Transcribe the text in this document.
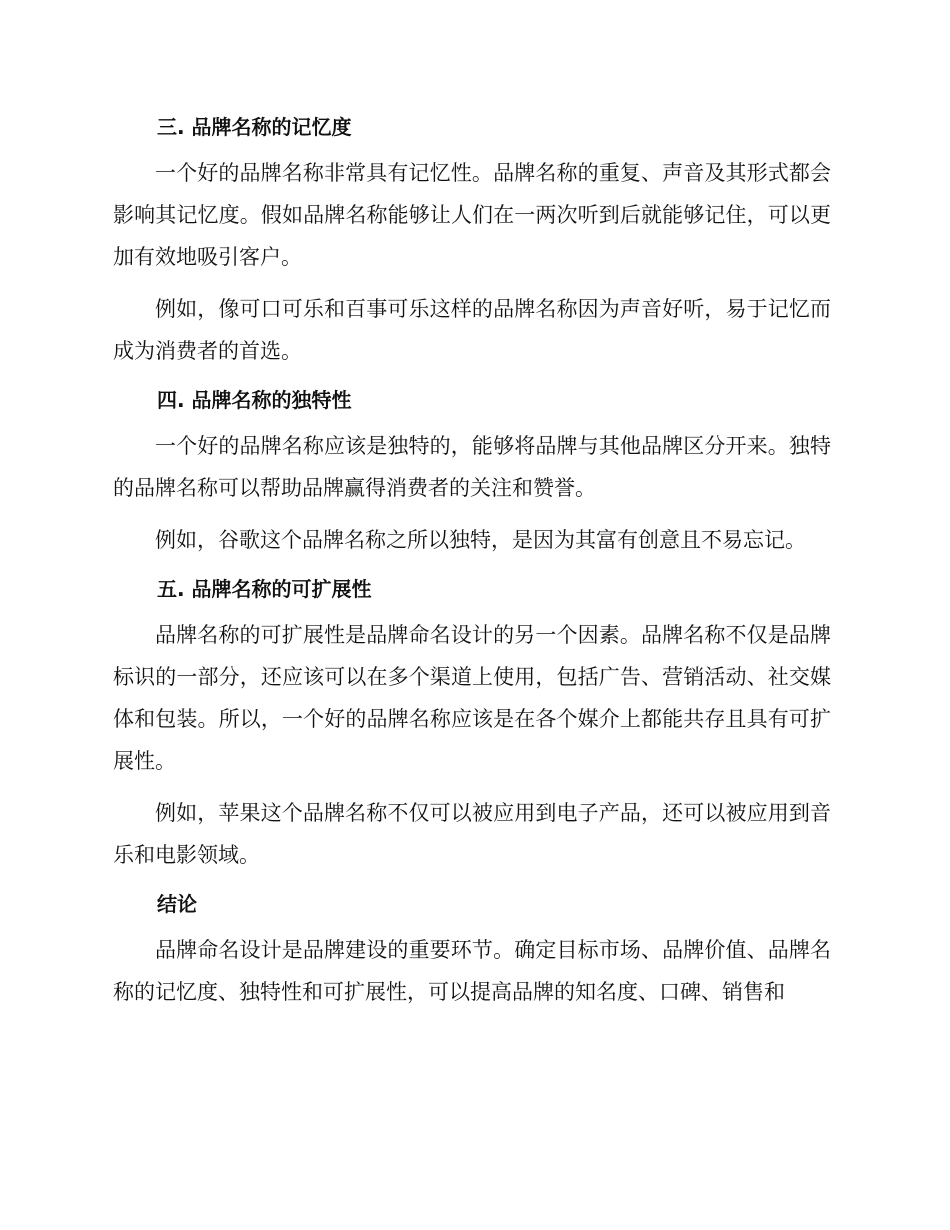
三. 品牌名称的记忆度

一个好的品牌名称非常具有记忆性。品牌名称的重复、声音及其形式都会影响其记忆度。假如品牌名称能够让人们在一两次听到后就能够记住，可以更加有效地吸引客户。

例如，像可口可乐和百事可乐这样的品牌名称因为声音好听，易于记忆而成为消费者的首选。

四. 品牌名称的独特性

一个好的品牌名称应该是独特的，能够将品牌与其他品牌区分开来。独特的品牌名称可以帮助品牌赢得消费者的关注和赞誉。

例如，谷歌这个品牌名称之所以独特，是因为其富有创意且不易忘记。

五. 品牌名称的可扩展性

品牌名称的可扩展性是品牌命名设计的另一个因素。品牌名称不仅是品牌标识的一部分，还应该可以在多个渠道上使用，包括广告、营销活动、社交媒体和包装。所以，一个好的品牌名称应该是在各个媒介上都能共存且具有可扩展性。

例如，苹果这个品牌名称不仅可以被应用到电子产品，还可以被应用到音乐和电影领域。

结论

品牌命名设计是品牌建设的重要环节。确定目标市场、品牌价值、品牌名称的记忆度、独特性和可扩展性，可以提高品牌的知名度、口碑、销售和
